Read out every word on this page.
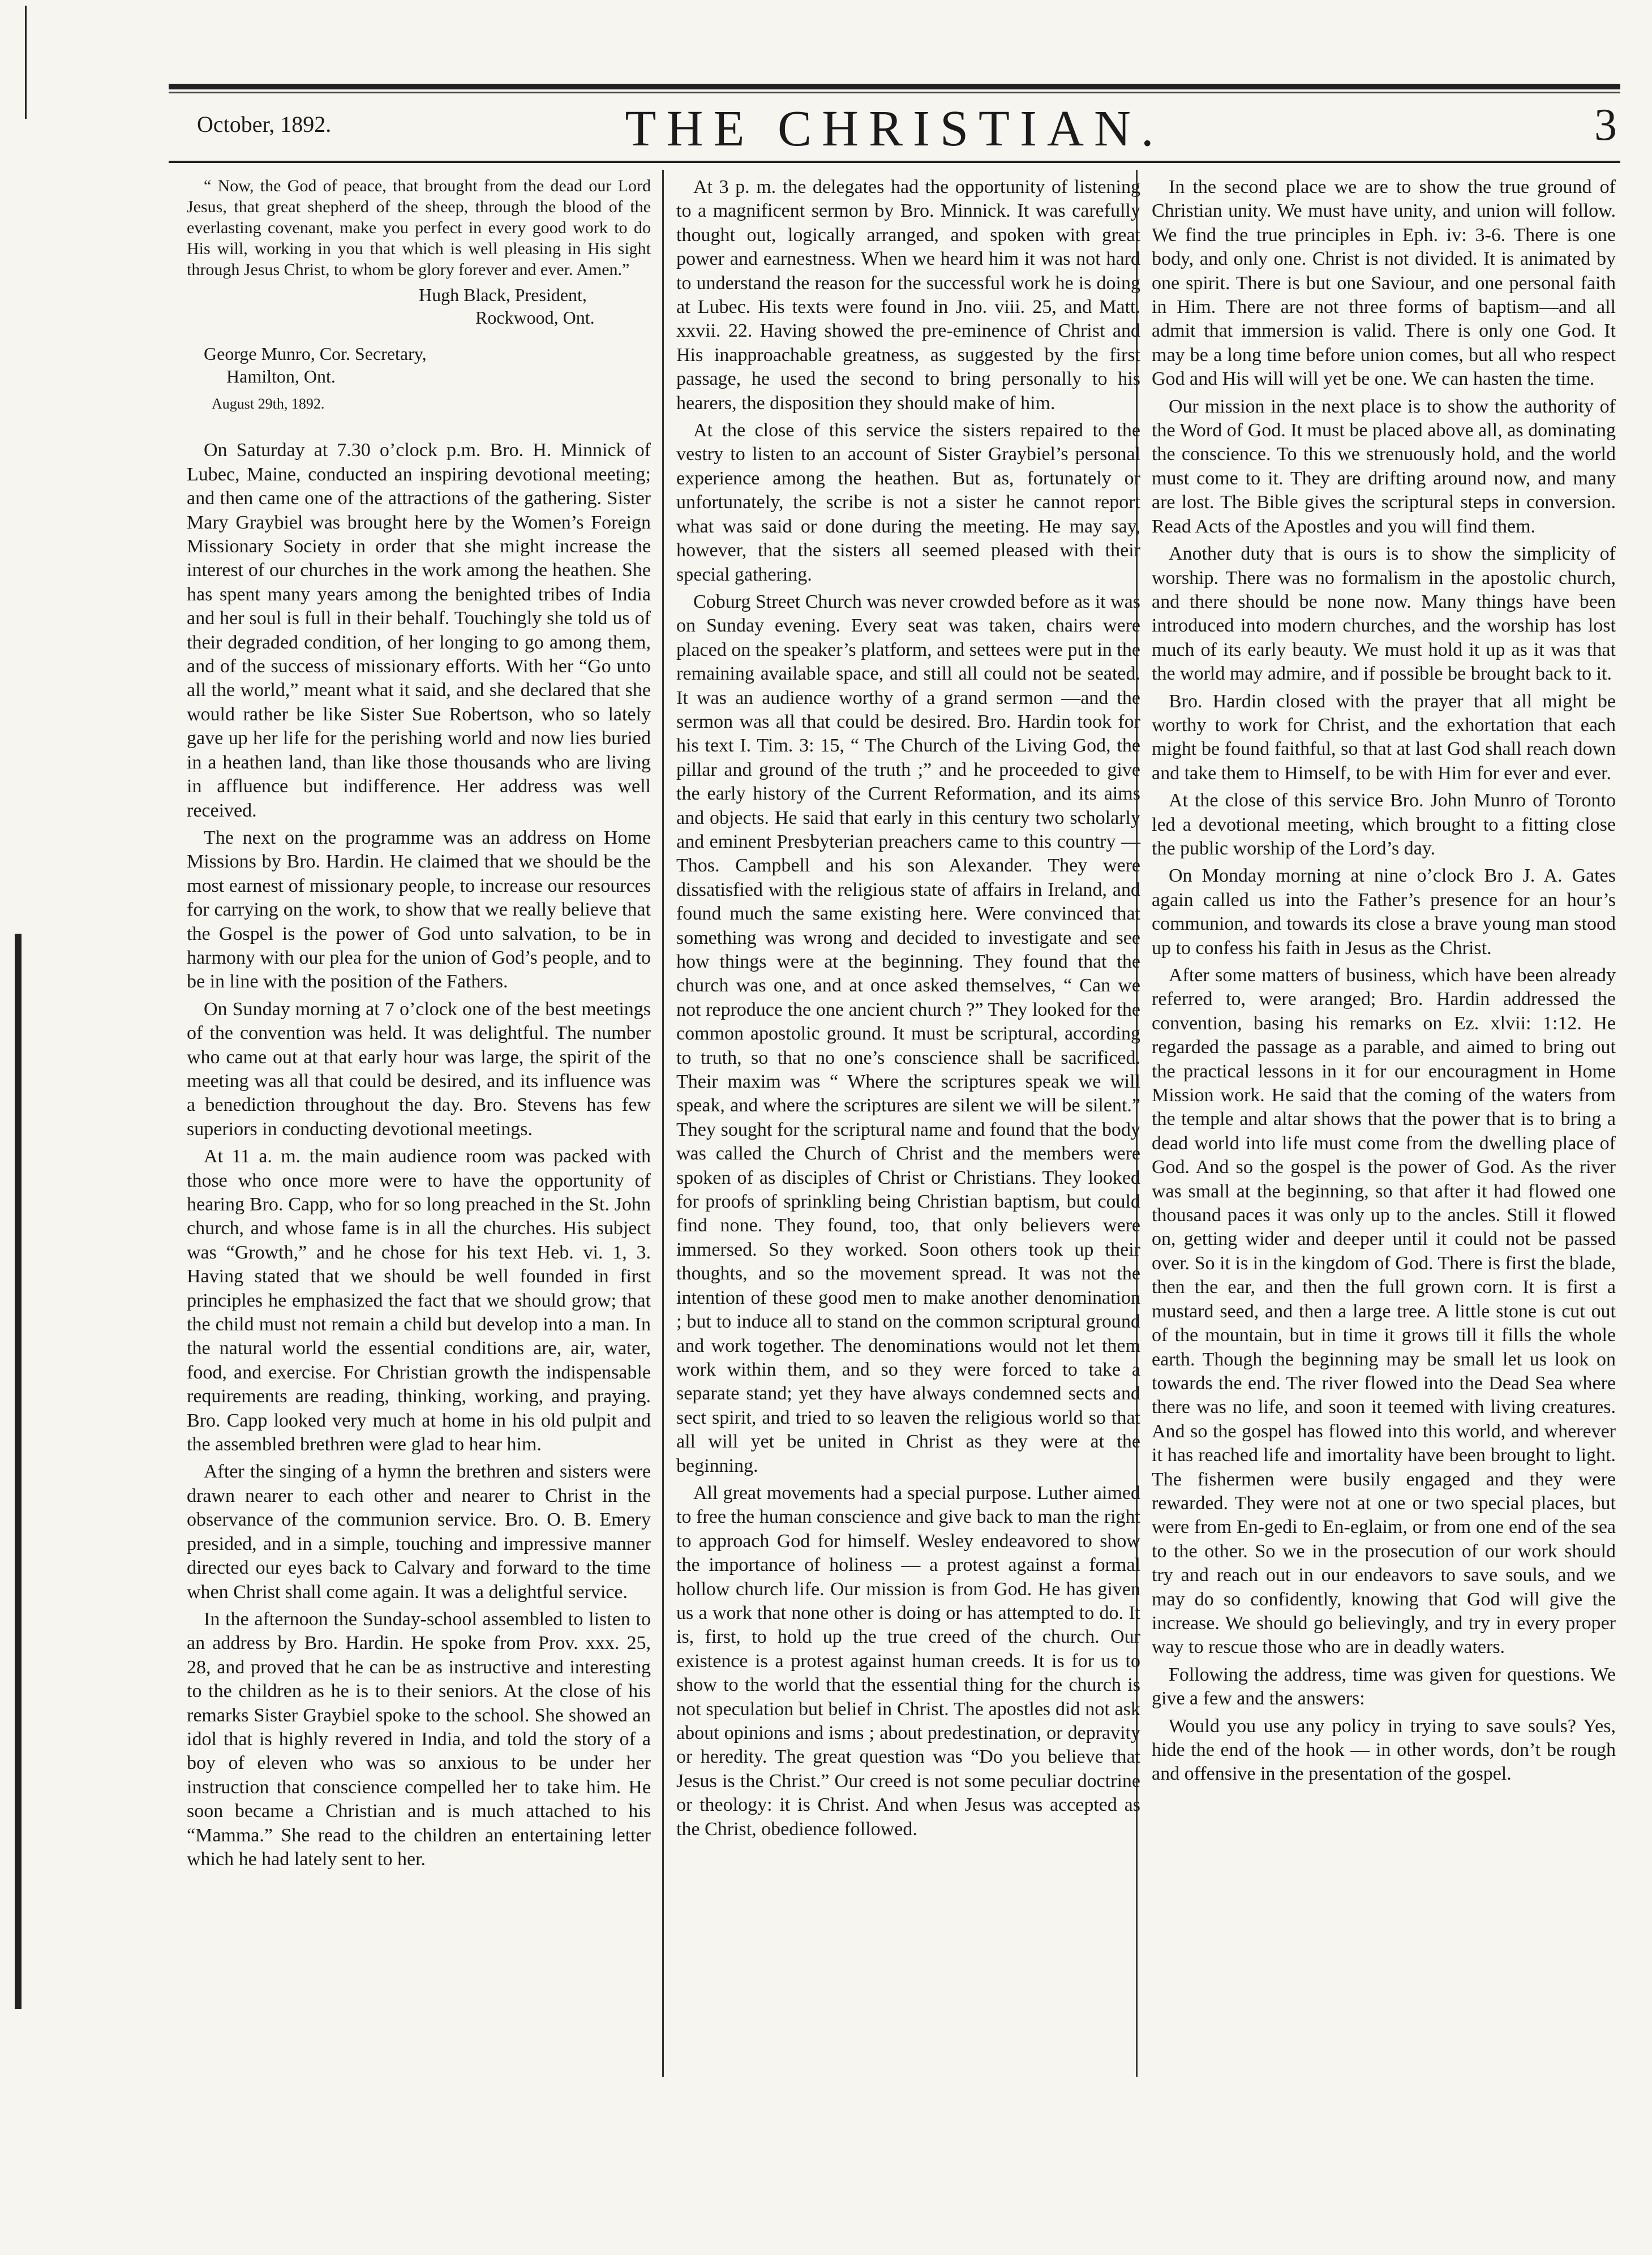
October, 1892.	THE CHRISTIAN.	3

“ Now, the God of peace, that brought from the dead our Lord Jesus, that great shepherd of the sheep, through the blood of the everlasting covenant, make you perfect in every good work to do His will, working in you that which is well pleasing in His sight through Jesus Christ, to whom be glory forever and ever. Amen.”

Hugh Black, President,
Rockwood, Ont.

George Munro, Cor. Secretary,
Hamilton, Ont.

August 29th, 1892.

On Saturday at 7.30 o’clock p.m. Bro. H. Minnick of Lubec, Maine, conducted an inspiring devotional meeting; and then came one of the attractions of the gathering. Sister Mary Graybiel was brought here by the Women’s Foreign Missionary Society in order that she might increase the interest of our churches in the work among the heathen. She has spent many years among the benighted tribes of India and her soul is full in their behalf. Touchingly she told us of their degraded condition, of her longing to go among them, and of the success of missionary efforts. With her “Go unto all the world,” meant what it said, and she declared that she would rather be like Sister Sue Robertson, who so lately gave up her life for the perishing world and now lies buried in a heathen land, than like those thousands who are living in affluence but indifference. Her address was well received.

The next on the programme was an address on Home Missions by Bro. Hardin. He claimed that we should be the most earnest of missionary people, to increase our resources for carrying on the work, to show that we really believe that the Gospel is the power of God unto salvation, to be in harmony with our plea for the union of God’s people, and to be in line with the position of the Fathers.

On Sunday morning at 7 o’clock one of the best meetings of the convention was held. It was delightful. The number who came out at that early hour was large, the spirit of the meeting was all that could be desired, and its influence was a benediction throughout the day. Bro. Stevens has few superiors in conducting devotional meetings.

At 11 a. m. the main audience room was packed with those who once more were to have the opportunity of hearing Bro. Capp, who for so long preached in the St. John church, and whose fame is in all the churches. His subject was “Growth,” and he chose for his text Heb. vi. 1, 3. Having stated that we should be well founded in first principles he emphasized the fact that we should grow; that the child must not remain a child but develop into a man. In the natural world the essential conditions are, air, water, food, and exercise. For Christian growth the indispensable requirements are reading, thinking, working, and praying. Bro. Capp looked very much at home in his old pulpit and the assembled brethren were glad to hear him.

After the singing of a hymn the brethren and sisters were drawn nearer to each other and nearer to Christ in the observance of the communion service. Bro. O. B. Emery presided, and in a simple, touching and impressive manner directed our eyes back to Calvary and forward to the time when Christ shall come again. It was a delightful service.

In the afternoon the Sunday-school assembled to listen to an address by Bro. Hardin. He spoke from Prov. xxx. 25, 28, and proved that he can be as instructive and interesting to the children as he is to their seniors. At the close of his remarks Sister Graybiel spoke to the school. She showed an idol that is highly revered in India, and told the story of a boy of eleven who was so anxious to be under her instruction that conscience compelled her to take him. He soon became a Christian and is much attached to his “Mamma.” She read to the children an entertaining letter which he had lately sent to her.

At 3 p. m. the delegates had the opportunity of listening to a magnificent sermon by Bro. Minnick. It was carefully thought out, logically arranged, and spoken with great power and earnestness. When we heard him it was not hard to understand the reason for the successful work he is doing at Lubec. His texts were found in Jno. viii. 25, and Matt. xxvii. 22. Having showed the pre-eminence of Christ and His inapproachable greatness, as suggested by the first passage, he used the second to bring personally to his hearers, the disposition they should make of him.

At the close of this service the sisters repaired to the vestry to listen to an account of Sister Graybiel’s personal experience among the heathen. But as, fortunately or unfortunately, the scribe is not a sister he cannot report what was said or done during the meeting. He may say, however, that the sisters all seemed pleased with their special gathering.

Coburg Street Church was never crowded before as it was on Sunday evening. Every seat was taken, chairs were placed on the speaker’s platform, and settees were put in the remaining available space, and still all could not be seated. It was an audience worthy of a grand sermon —and the sermon was all that could be desired. Bro. Hardin took for his text I. Tim. 3: 15, “ The Church of the Living God, the pillar and ground of the truth ;” and he proceeded to give the early history of the Current Reformation, and its aims and objects. He said that early in this century two scholarly and eminent Presbyterian preachers came to this country — Thos. Campbell and his son Alexander. They were dissatisfied with the religious state of affairs in Ireland, and found much the same existing here. Were convinced that something was wrong and decided to investigate and see how things were at the beginning. They found that the church was one, and at once asked themselves, “ Can we not reproduce the one ancient church ?” They looked for the common apostolic ground. It must be scriptural, according to truth, so that no one’s conscience shall be sacrificed. Their maxim was “ Where the scriptures speak we will speak, and where the scriptures are silent we will be silent.” They sought for the scriptural name and found that the body was called the Church of Christ and the members were spoken of as disciples of Christ or Christians. They looked for proofs of sprinkling being Christian baptism, but could find none. They found, too, that only believers were immersed. So they worked. Soon others took up their thoughts, and so the movement spread. It was not the intention of these good men to make another denomination ; but to induce all to stand on the common scriptural ground and work together. The denominations would not let them work within them, and so they were forced to take a separate stand; yet they have always condemned sects and sect spirit, and tried to so leaven the religious world so that all will yet be united in Christ as they were at the beginning.

All great movements had a special purpose. Luther aimed to free the human conscience and give back to man the right to approach God for himself. Wesley endeavored to show the importance of holiness — a protest against a formal hollow church life. Our mission is from God. He has given us a work that none other is doing or has attempted to do. It is, first, to hold up the true creed of the church. Our existence is a protest against human creeds. It is for us to show to the world that the essential thing for the church is not speculation but belief in Christ. The apostles did not ask about opinions and isms ; about predestination, or depravity or heredity. The great question was “Do you believe that Jesus is the Christ.” Our creed is not some peculiar doctrine or theology: it is Christ. And when Jesus was accepted as the Christ, obedience followed.

In the second place we are to show the true ground of Christian unity. We must have unity, and union will follow. We find the true principles in Eph. iv: 3-6. There is one body, and only one. Christ is not divided. It is animated by one spirit. There is but one Saviour, and one personal faith in Him. There are not three forms of baptism—and all admit that immersion is valid. There is only one God. It may be a long time before union comes, but all who respect God and His will will yet be one. We can hasten the time.

Our mission in the next place is to show the authority of the Word of God. It must be placed above all, as dominating the conscience. To this we strenuously hold, and the world must come to it. They are drifting around now, and many are lost. The Bible gives the scriptural steps in conversion. Read Acts of the Apostles and you will find them.

Another duty that is ours is to show the simplicity of worship. There was no formalism in the apostolic church, and there should be none now. Many things have been introduced into modern churches, and the worship has lost much of its early beauty. We must hold it up as it was that the world may admire, and if possible be brought back to it.

Bro. Hardin closed with the prayer that all might be worthy to work for Christ, and the exhortation that each might be found faithful, so that at last God shall reach down and take them to Himself, to be with Him for ever and ever.

At the close of this service Bro. John Munro of Toronto led a devotional meeting, which brought to a fitting close the public worship of the Lord’s day.

On Monday morning at nine o’clock Bro J. A. Gates again called us into the Father’s presence for an hour’s communion, and towards its close a brave young man stood up to confess his faith in Jesus as the Christ.

After some matters of business, which have been already referred to, were aranged; Bro. Hardin addressed the convention, basing his remarks on Ez. xlvii: 1:12. He regarded the passage as a parable, and aimed to bring out the practical lessons in it for our encouragment in Home Mission work. He said that the coming of the waters from the temple and altar shows that the power that is to bring a dead world into life must come from the dwelling place of God. And so the gospel is the power of God. As the river was small at the beginning, so that after it had flowed one thousand paces it was only up to the ancles. Still it flowed on, getting wider and deeper until it could not be passed over. So it is in the kingdom of God. There is first the blade, then the ear, and then the full grown corn. It is first a mustard seed, and then a large tree. A little stone is cut out of the mountain, but in time it grows till it fills the whole earth. Though the beginning may be small let us look on towards the end. The river flowed into the Dead Sea where there was no life, and soon it teemed with living creatures. And so the gospel has flowed into this world, and wherever it has reached life and imortality have been brought to light. The fishermen were busily engaged and they were rewarded. They were not at one or two special places, but were from En-gedi to En-eglaim, or from one end of the sea to the other. So we in the prosecution of our work should try and reach out in our endeavors to save souls, and we may do so confidently, knowing that God will give the increase. We should go believingly, and try in every proper way to rescue those who are in deadly waters.

Following the address, time was given for questions. We give a few and the answers:

Would you use any policy in trying to save souls? Yes, hide the end of the hook — in other words, don’t be rough and offensive in the presentation of the gospel.
